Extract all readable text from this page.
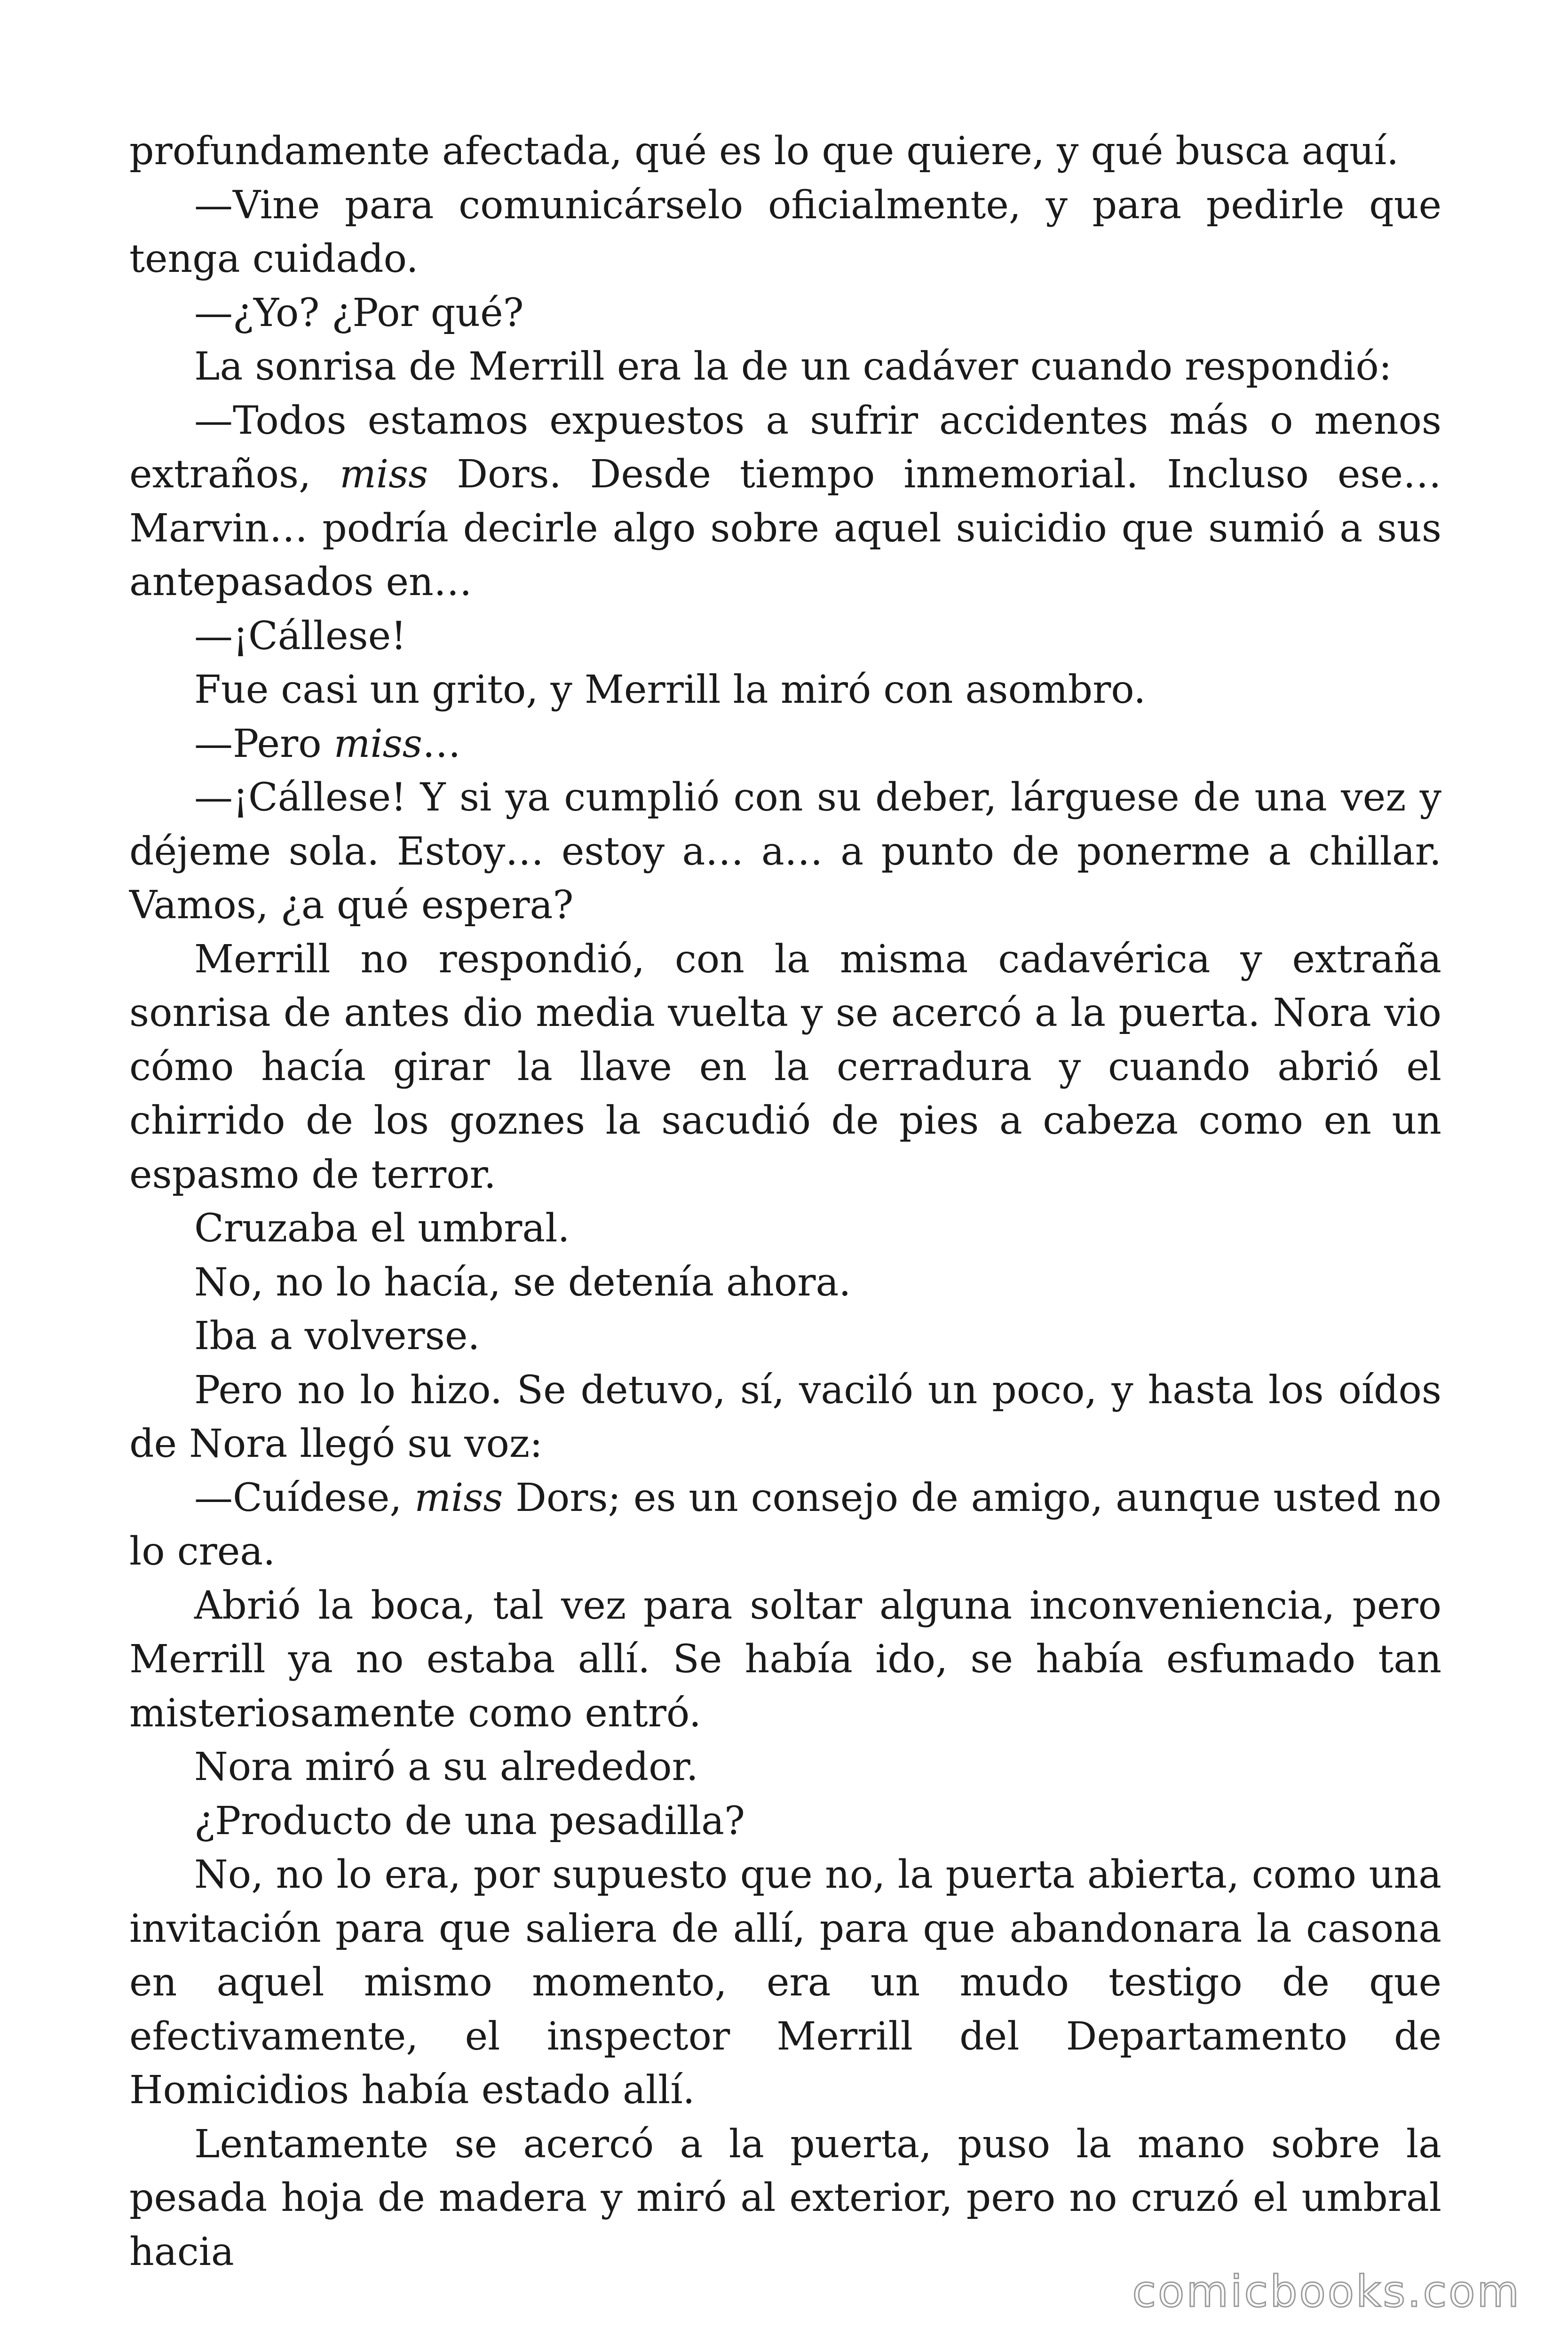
profundamente afectada, qué es lo que quiere, y qué busca aquí.

—Vine para comunicárselo oficialmente, y para pedirle que tenga cuidado.

—¿Yo? ¿Por qué?

La sonrisa de Merrill era la de un cadáver cuando respondió:

—Todos estamos expuestos a sufrir accidentes más o menos extraños, miss Dors. Desde tiempo inmemorial. Incluso ese… Marvin… podría decirle algo sobre aquel suicidio que sumió a sus antepasados en…

—¡Cállese!

Fue casi un grito, y Merrill la miró con asombro.

—Pero miss…

—¡Cállese! Y si ya cumplió con su deber, lárguese de una vez y déjeme sola. Estoy… estoy a… a… a punto de ponerme a chillar. Vamos, ¿a qué espera?

Merrill no respondió, con la misma cadavérica y extraña sonrisa de antes dio media vuelta y se acercó a la puerta. Nora vio cómo hacía girar la llave en la cerradura y cuando abrió el chirrido de los goznes la sacudió de pies a cabeza como en un espasmo de terror.

Cruzaba el umbral.

No, no lo hacía, se detenía ahora.

Iba a volverse.

Pero no lo hizo. Se detuvo, sí, vaciló un poco, y hasta los oídos de Nora llegó su voz:

—Cuídese, miss Dors; es un consejo de amigo, aunque usted no lo crea.

Abrió la boca, tal vez para soltar alguna inconveniencia, pero Merrill ya no estaba allí. Se había ido, se había esfumado tan misteriosamente como entró.

Nora miró a su alrededor.

¿Producto de una pesadilla?

No, no lo era, por supuesto que no, la puerta abierta, como una invitación para que saliera de allí, para que abandonara la casona en aquel mismo momento, era un mudo testigo de que efectivamente, el inspector Merrill del Departamento de Homicidios había estado allí.

Lentamente se acercó a la puerta, puso la mano sobre la pesada hoja de madera y miró al exterior, pero no cruzó el umbral hacia

comicbooks.com
